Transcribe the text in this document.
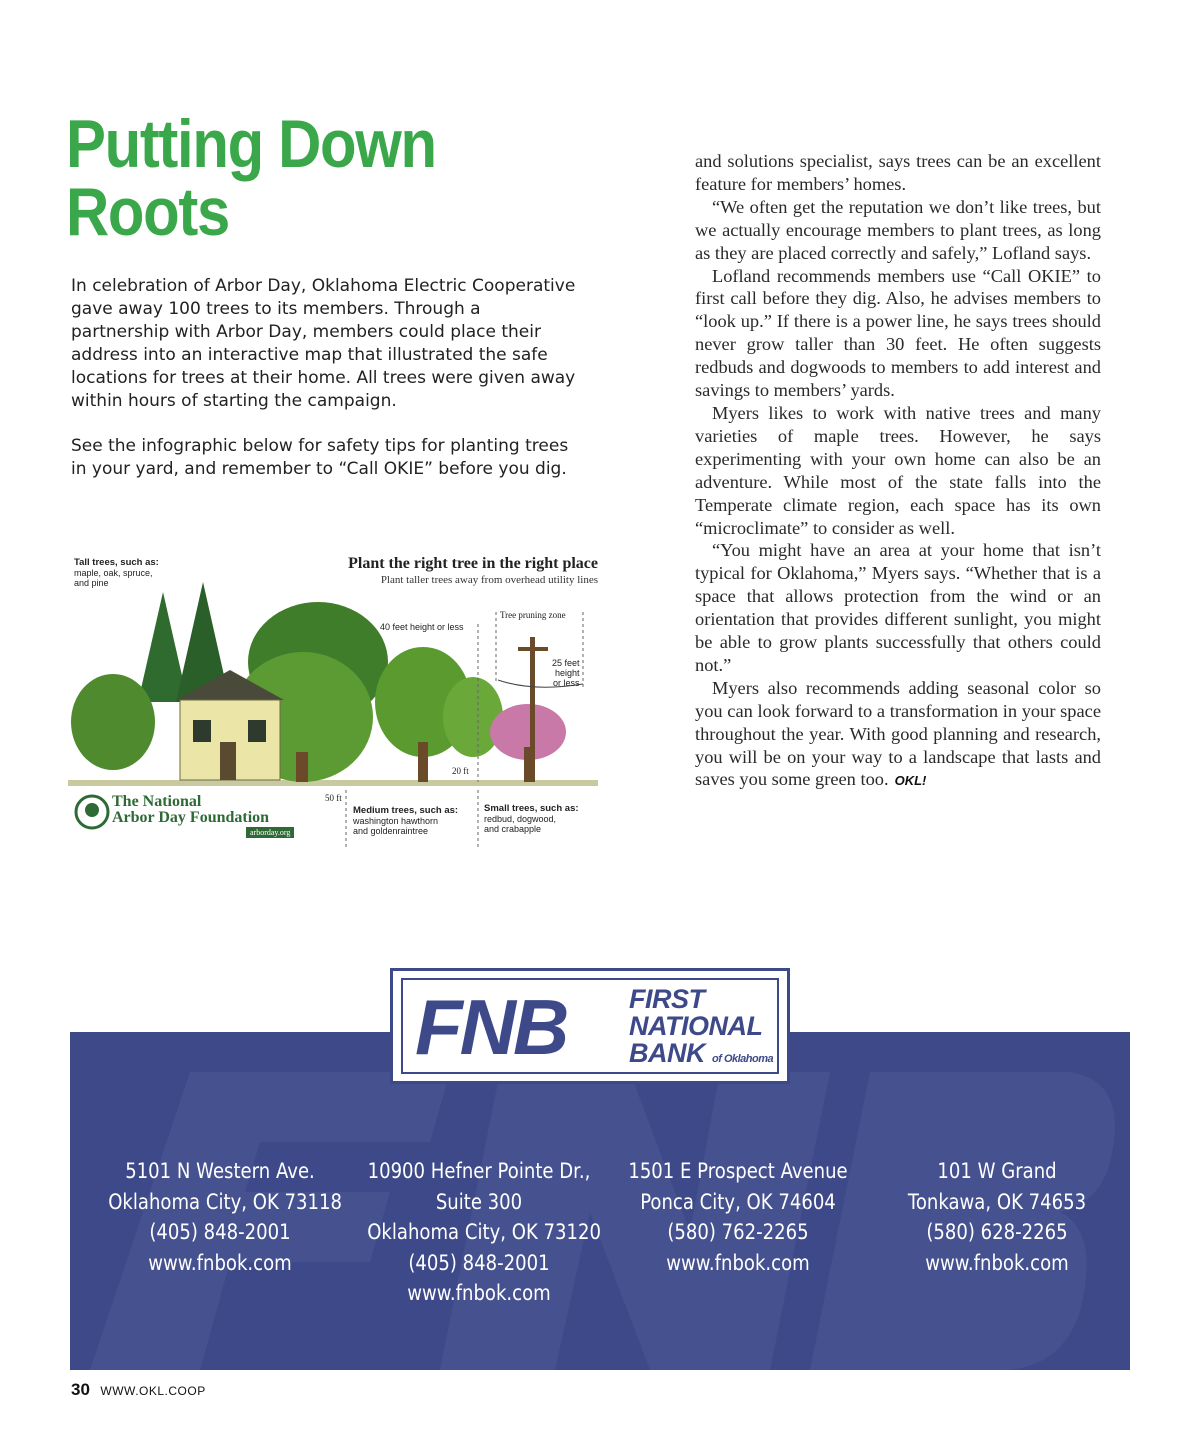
Putting Down
Roots

In celebration of Arbor Day, Oklahoma Electric Cooperative gave away 100 trees to its members. Through a partnership with Arbor Day, members could place their address into an interactive map that illustrated the safe locations for trees at their home. All trees were given away within hours of starting the campaign.

See the infographic below for safety tips for planting trees in your yard, and remember to “Call OKIE” before you dig.

and solutions specialist, says trees can be an excellent feature for members’ homes.

“We often get the reputation we don’t like trees, but we actually encourage members to plant trees, as long as they are placed correctly and safely,” Lofland says.

Lofland recommends members use “Call OKIE” to first call before they dig. Also, he advises members to “look up.” If there is a power line, he says trees should never grow taller than 30 feet. He often suggests redbuds and dogwoods to members to add interest and savings to members’ yards.

Myers likes to work with native trees and many varieties of maple trees. However, he says experimenting with your own home can also be an adventure. While most of the state falls into the Temperate climate region, each space has its own “microclimate” to consider as well.

“You might have an area at your home that isn’t typical for Oklahoma,” Myers says. “Whether that is a space that allows protection from the wind or an orientation that provides different sunlight, you might be able to grow plants successfully that others could not.”

Myers also recommends adding seasonal color so you can look forward to a transformation in your space throughout the year. With good planning and research, you will be on your way to a landscape that lasts and saves you some green too. OKL!

Plant the right tree in the right place
Plant taller trees away from overhead utility lines
Tall trees, such as:
maple, oak, spruce,
and pine
40 feet height or less
Tree pruning zone
25 feet
height
or less
20 ft
50 ft
Medium trees, such as:
washington hawthorn
and goldenraintree
Small trees, such as:
redbud, dogwood,
and crabapple
The National
Arbor Day Foundation
arborday.org
FNB FIRST
NATIONAL
BANK of Oklahoma
5101 N Western Ave.
Oklahoma City, OK 73118
(405) 848-2001
www.fnbok.com
10900 Hefner Pointe Dr.,
Suite 300
Oklahoma City, OK 73120
(405) 848-2001
www.fnbok.com
1501 E Prospect Avenue
Ponca City, OK 74604
(580) 762-2265
www.fnbok.com
101 W Grand
Tonkawa, OK 74653
(580) 628-2265
www.fnbok.com
30 WWW.OKL.COOP
